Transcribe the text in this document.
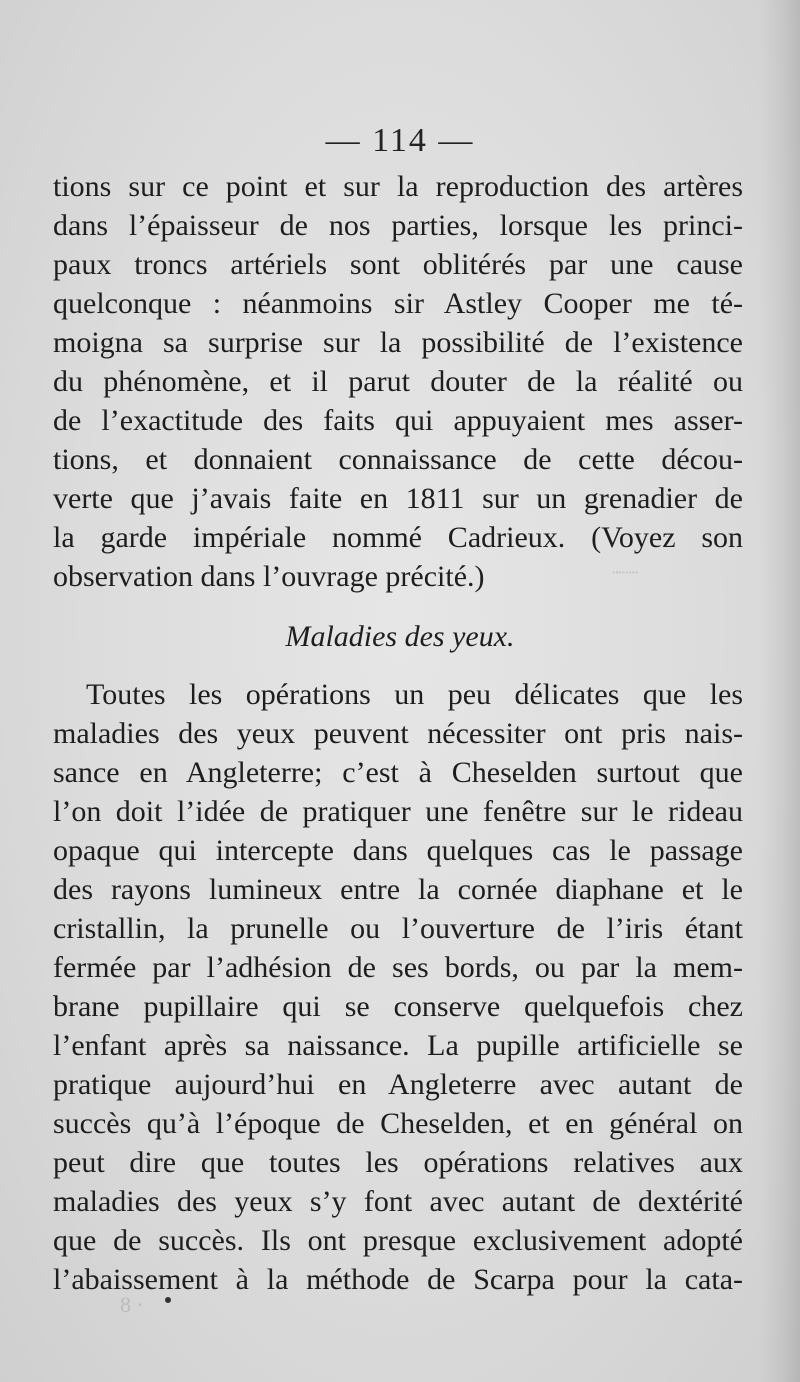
┈┈
8 ·
— 114 —
tions sur ce point et sur la reproduction des artères
dans l’épaisseur de nos parties, lorsque les princi-
paux troncs artériels sont oblitérés par une cause
quelconque : néanmoins sir Astley Cooper me té-
moigna sa surprise sur la possibilité de l’existence
du phénomène, et il parut douter de la réalité ou
de l’exactitude des faits qui appuyaient mes asser-
tions, et donnaient connaissance de cette décou-
verte que j’avais faite en 1811 sur un grenadier de
la garde impériale nommé Cadrieux. (Voyez son
observation dans l’ouvrage précité.)
Maladies des yeux.
Toutes les opérations un peu délicates que les
maladies des yeux peuvent nécessiter ont pris nais-
sance en Angleterre; c’est à Cheselden surtout que
l’on doit l’idée de pratiquer une fenêtre sur le rideau
opaque qui intercepte dans quelques cas le passage
des rayons lumineux entre la cornée diaphane et le
cristallin, la prunelle ou l’ouverture de l’iris étant
fermée par l’adhésion de ses bords, ou par la mem-
brane pupillaire qui se conserve quelquefois chez
l’enfant après sa naissance. La pupille artificielle se
pratique aujourd’hui en Angleterre avec autant de
succès qu’à l’époque de Cheselden, et en général on
peut dire que toutes les opérations relatives aux
maladies des yeux s’y font avec autant de dextérité
que de succès. Ils ont presque exclusivement adopté
l’abaissement à la méthode de Scarpa pour la cata-
